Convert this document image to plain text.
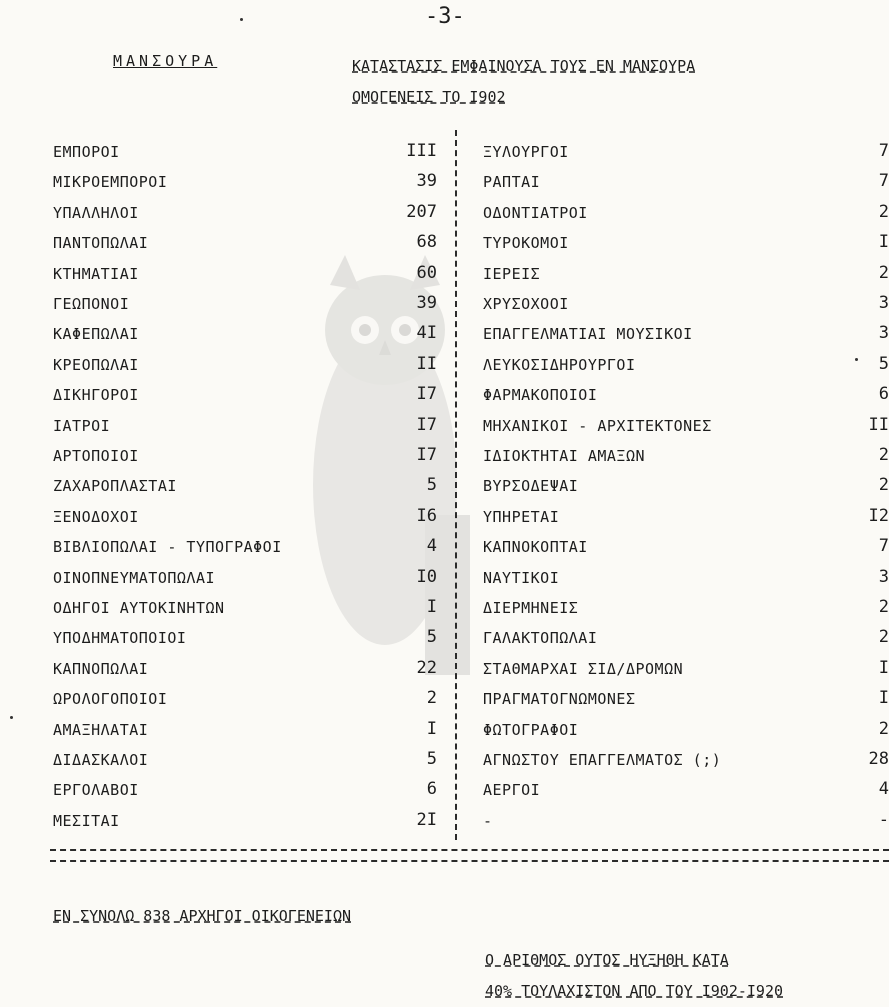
-3-
ΜΑΝΣΟΥΡΑ	ΚΑΤΑΣΤΑΣΙΣ ΕΜΦΑΙΝΟΥΣΑ ΤΟΥΣ ΕΝ ΜΑΝΣΟΥΡΑ
ΟΜΟΓΕΝΕΙΣ ΤΟ Ι902
ΕΜΠΟΡΟΙ	ΙΙΙ
ΜΙΚΡΟΕΜΠΟΡΟΙ	39
ΥΠΑΛΛΗΛΟΙ	207
ΠΑΝΤΟΠΩΛΑΙ	68
ΚΤΗΜΑΤΙΑΙ	60
ΓΕΩΠΟΝΟΙ	39
ΚΑΦΕΠΩΛΑΙ	4Ι
ΚΡΕΟΠΩΛΑΙ	ΙΙ
ΔΙΚΗΓΟΡΟΙ	Ι7
ΙΑΤΡΟΙ	Ι7
ΑΡΤΟΠΟΙΟΙ	Ι7
ΖΑΧΑΡΟΠΛΑΣΤΑΙ	5
ΞΕΝΟΔΟΧΟΙ	Ι6
ΒΙΒΛΙΟΠΩΛΑΙ - ΤΥΠΟΓΡΑΦΟΙ	4
ΟΙΝΟΠΝΕΥΜΑΤΟΠΩΛΑΙ	Ι0
ΟΔΗΓΟΙ ΑΥΤΟΚΙΝΗΤΩΝ	Ι
ΥΠΟΔΗΜΑΤΟΠΟΙΟΙ	5
ΚΑΠΝΟΠΩΛΑΙ	22
ΩΡΟΛΟΓΟΠΟΙΟΙ	2
ΑΜΑΞΗΛΑΤΑΙ	Ι
ΔΙΔΑΣΚΑΛΟΙ	5
ΕΡΓΟΛΑΒΟΙ	6
ΜΕΣΙΤΑΙ	2Ι
ΞΥΛΟΥΡΓΟΙ	7
ΡΑΠΤΑΙ	7
ΟΔΟΝΤΙΑΤΡΟΙ	2
ΤΥΡΟΚΟΜΟΙ	Ι
ΙΕΡΕΙΣ	2
ΧΡΥΣΟΧΟΟΙ	3
ΕΠΑΓΓΕΛΜΑΤΙΑΙ ΜΟΥΣΙΚΟΙ	3
ΛΕΥΚΟΣΙΔΗΡΟΥΡΓΟΙ	5
ΦΑΡΜΑΚΟΠΟΙΟΙ	6
ΜΗΧΑΝΙΚΟΙ - ΑΡΧΙΤΕΚΤΟΝΕΣ	ΙΙ
ΙΔΙΟΚΤΗΤΑΙ ΑΜΑΞΩΝ	2
ΒΥΡΣΟΔΕΨΑΙ	2
ΥΠΗΡΕΤΑΙ	Ι2
ΚΑΠΝΟΚΟΠΤΑΙ	7
ΝΑΥΤΙΚΟΙ	3
ΔΙΕΡΜΗΝΕΙΣ	2
ΓΑΛΑΚΤΟΠΩΛΑΙ	2
ΣΤΑΘΜΑΡΧΑΙ ΣΙΔ/ΔΡΟΜΩΝ	Ι
ΠΡΑΓΜΑΤΟΓΝΩΜΟΝΕΣ	Ι
ΦΩΤΟΓΡΑΦΟΙ	2
ΑΓΝΩΣΤΟΥ ΕΠΑΓΓΕΛΜΑΤΟΣ (;)	28
ΑΕΡΓΟΙ	4
-	-
ΕΝ ΣΥΝΟΛΩ 838 ΑΡΧΗΓΟΙ ΟΙΚΟΓΕΝΕΙΩΝ
Ο ΑΡΙΘΜΟΣ ΟΥΤΟΣ ΗΥΞΗΘΗ ΚΑΤΑ
40% ΤΟΥΛΑΧΙΣΤΟΝ ΑΠΟ ΤΟΥ Ι902-Ι920
